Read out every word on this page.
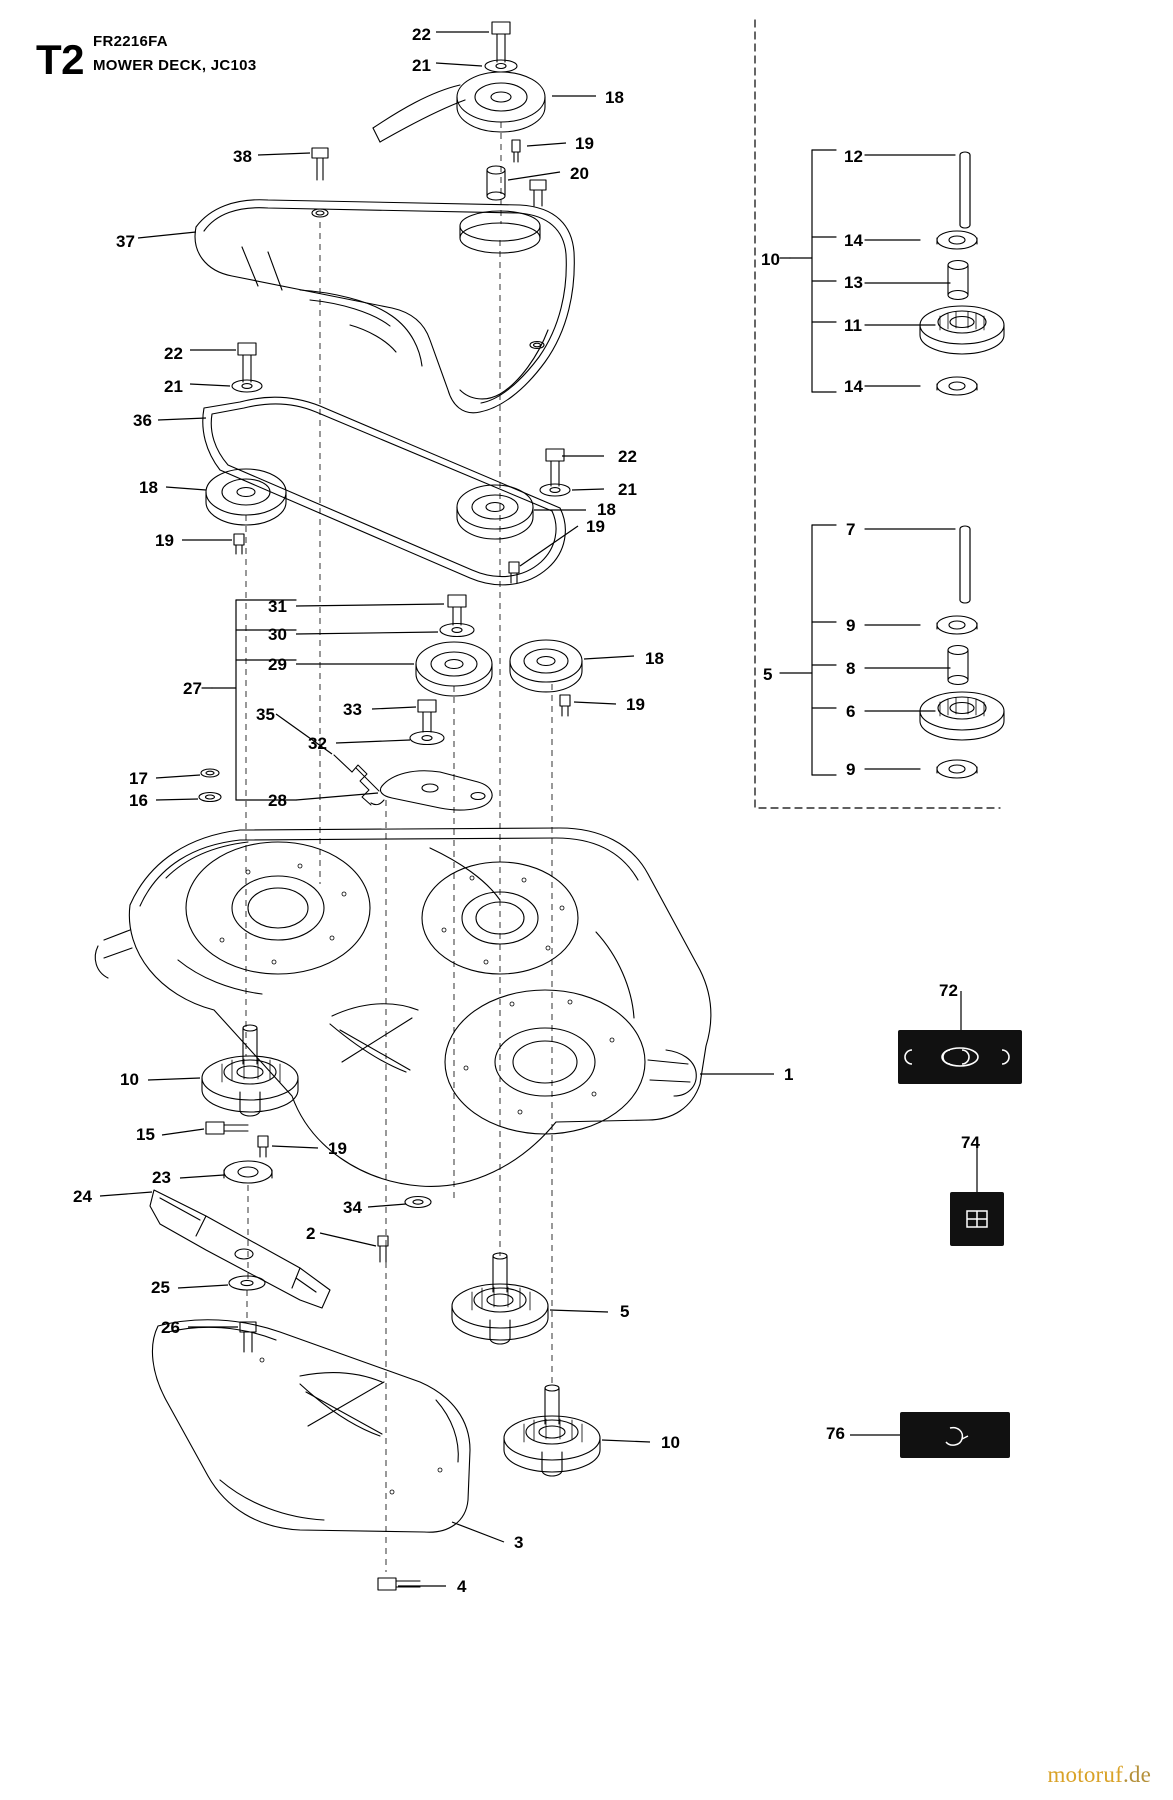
T2 FR2216FA
MOWER DECK, JC103
22
21
18
19
20
38
37
22
21
36
22
21
18
18
19
19
31
30
29	18
27
33	19
35
32
17
16	28
1
10
15
19
23
24
34
2
25
26
5
10
3
4
12
10
14
13
11
14
7
5
9
8
6
9
72
74
76
motoruf.de
